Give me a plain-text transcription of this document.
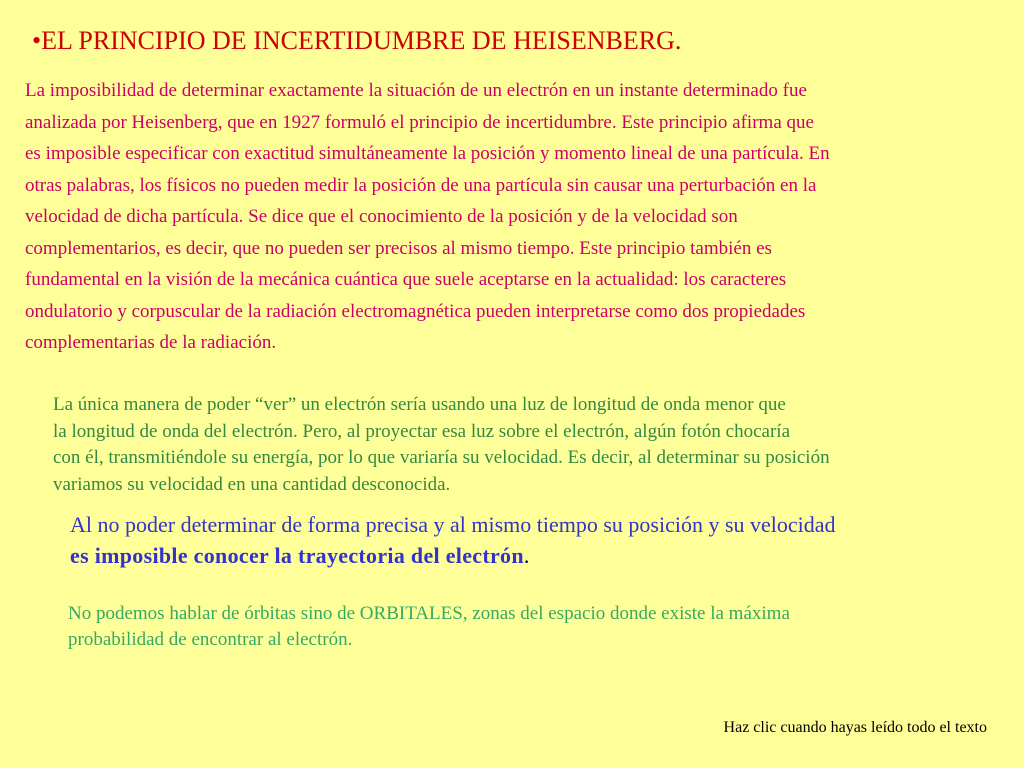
•EL PRINCIPIO DE INCERTIDUMBRE DE HEISENBERG.
La imposibilidad de determinar exactamente la situación de un electrón en un instante determinado fue
analizada por Heisenberg, que en 1927 formuló el principio de incertidumbre. Este principio afirma que
es imposible especificar con exactitud simultáneamente la posición y momento lineal de una partícula. En
otras palabras, los físicos no pueden medir la posición de una partícula sin causar una perturbación en la
velocidad de dicha partícula. Se dice que el conocimiento de la posición y de la velocidad son
complementarios, es decir, que no pueden ser precisos al mismo tiempo. Este principio también es
fundamental en la visión de la mecánica cuántica que suele aceptarse en la actualidad: los caracteres
ondulatorio y corpuscular de la radiación electromagnética pueden interpretarse como dos propiedades
complementarias de la radiación.
La única manera de poder “ver” un electrón sería usando una luz de longitud de onda menor que
la longitud de onda del electrón. Pero, al proyectar esa luz sobre el electrón, algún fotón chocaría
con él, transmitiéndole su energía, por lo que variaría su velocidad. Es decir, al determinar su posición
variamos su velocidad en una cantidad desconocida.
Al no poder determinar de forma precisa y al mismo tiempo su posición y su velocidad
es imposible conocer la trayectoria del electrón.
No podemos hablar de órbitas sino de ORBITALES, zonas del espacio donde existe la máxima
probabilidad de encontrar al electrón.
Haz clic cuando hayas leído todo el texto
